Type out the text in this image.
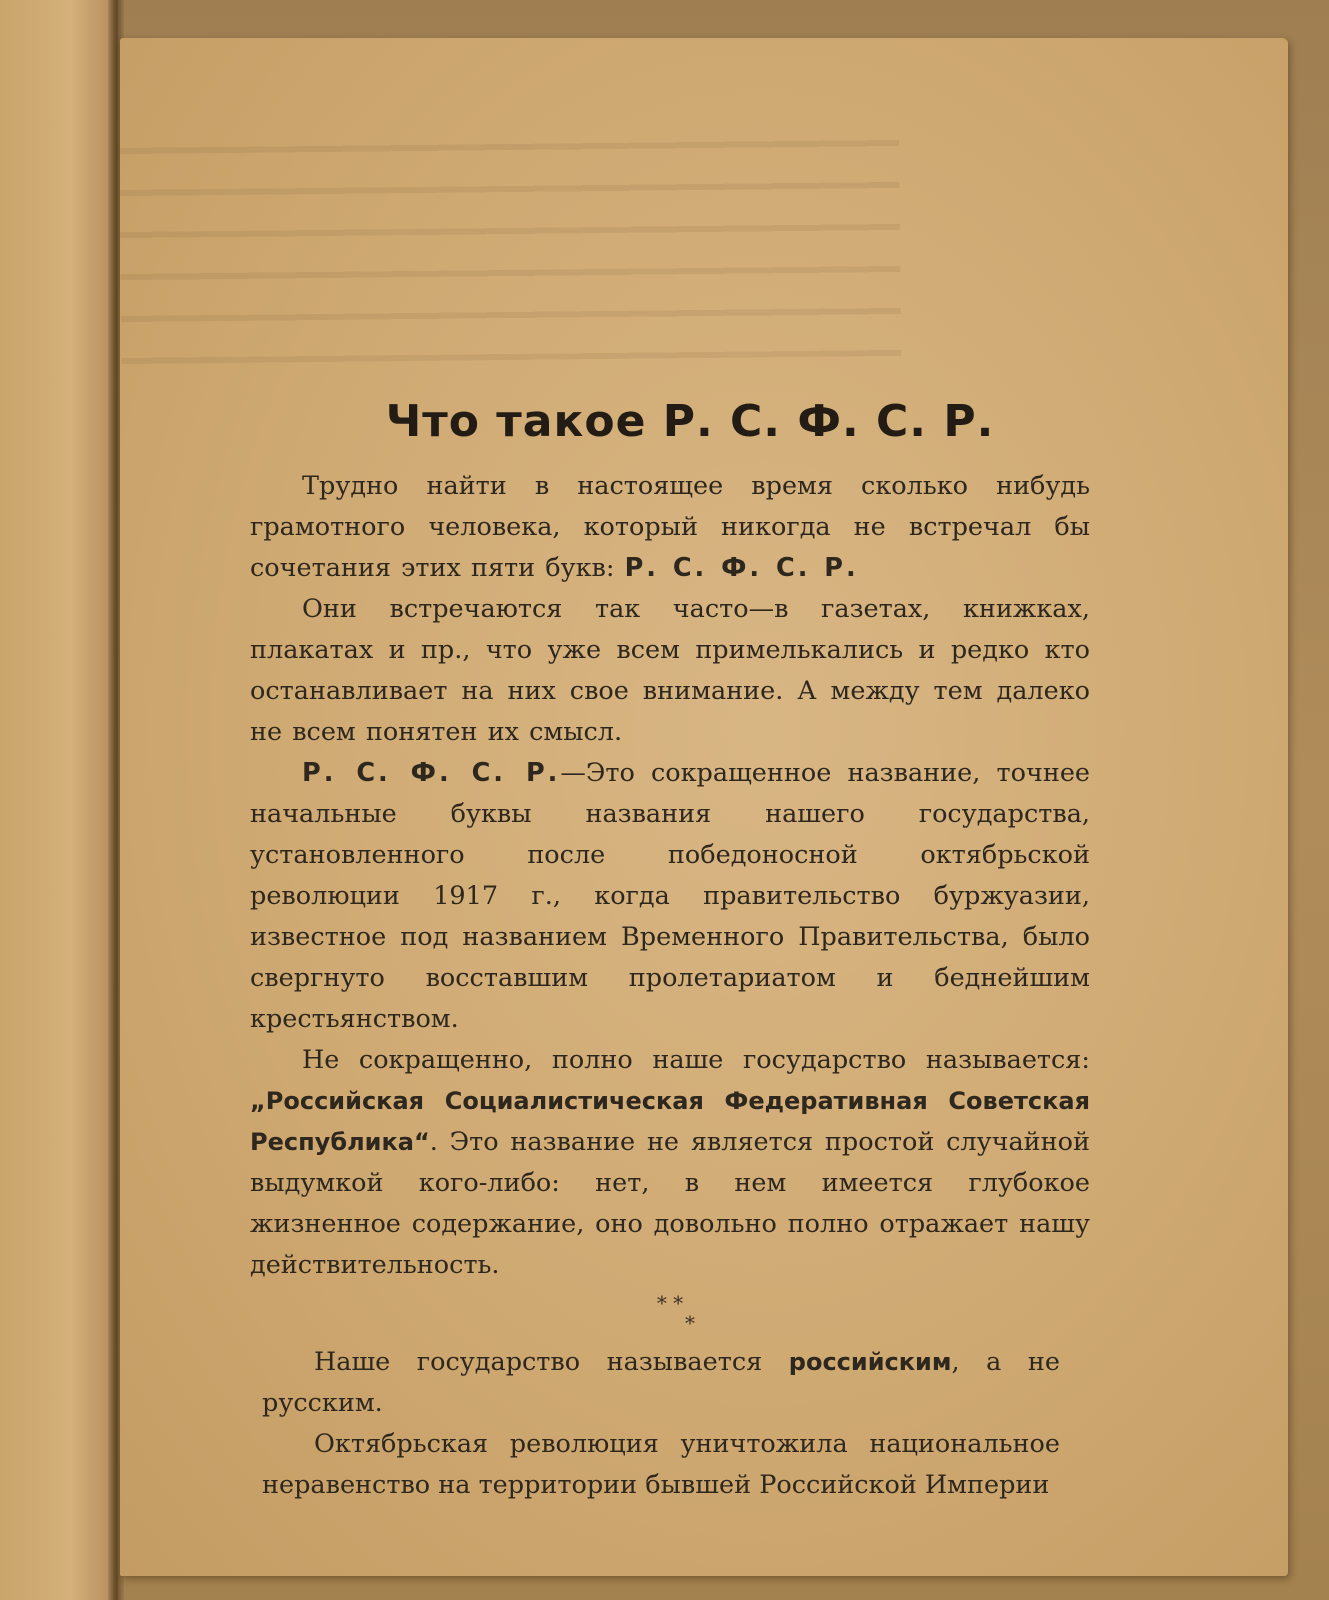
Что такое Р. С. Ф. С. Р.

Трудно найти в настоящее время сколько нибудь грамотного человека, который никогда не встречал бы сочетания этих пяти букв: Р. С. Ф. С. Р.

Они встречаются так часто—в газетах, книжках, плакатах и пр., что уже всем примелькались и редко кто останавливает на них свое внимание. А между тем далеко не всем понятен их смысл.

Р. С. Ф. С. Р.—Это сокращенное название, точнее начальные буквы названия нашего государства, установленного после победоносной октябрьской революции 1917 г., когда правительство буржуазии, известное под названием Временного Правительства, было свергнуто восставшим пролетариатом и беднейшим крестьянством.

Не сокращенно, полно наше государство называется: „Российская Социалистическая Федеративная Советская Республика“. Это название не является простой случайной выдумкой кого-либо: нет, в нем имеется глубокое жизненное содержание, оно довольно полно отражает нашу действительность.

* *
*

Наше государство называется российским, а не русским.

Октябрьская революция уничтожила национальное неравенство на территории бывшей Российской Империи
